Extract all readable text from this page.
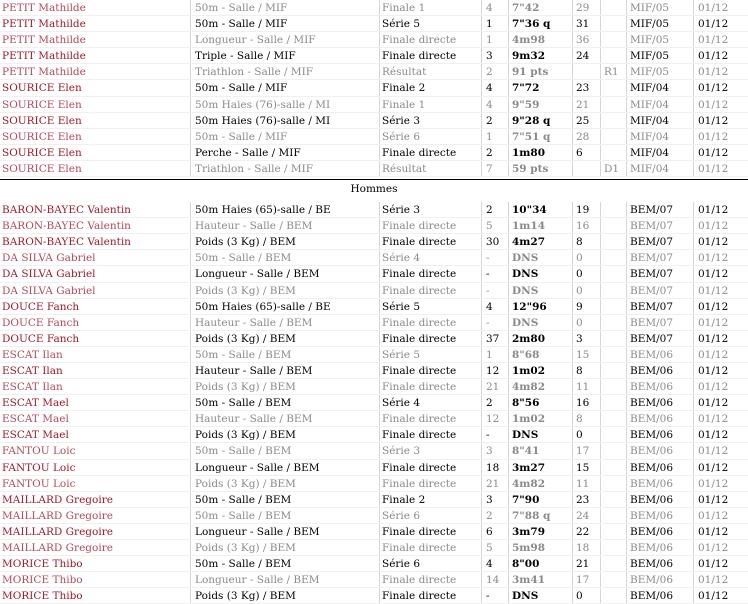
PETIT Mathilde	50m - Salle / MIF	Finale 1	4	7"42	29	MIF/05	01/12
PETIT Mathilde	50m - Salle / MIF	Série 5	1	7"36 q	31	MIF/05	01/12
PETIT Mathilde	Longueur - Salle / MIF	Finale directe	1	4m98	36	MIF/05	01/12
PETIT Mathilde	Triple - Salle / MIF	Finale directe	3	9m32	24	MIF/05	01/12
PETIT Mathilde	Triathlon - Salle / MIF	Résultat	2	91 pts	R1	MIF/05	01/12
SOURICE Elen	50m - Salle / MIF	Finale 2	4	7"72	23	MIF/04	01/12
SOURICE Elen	50m Haies (76)-salle / MI	Finale 1	4	9"59	21	MIF/04	01/12
SOURICE Elen	50m Haies (76)-salle / MI	Série 3	2	9"28 q	25	MIF/04	01/12
SOURICE Elen	50m - Salle / MIF	Série 6	1	7"51 q	28	MIF/04	01/12
SOURICE Elen	Perche - Salle / MIF	Finale directe	2	1m80	6	MIF/04	01/12
SOURICE Elen	Triathlon - Salle / MIF	Résultat	7	59 pts	D1	MIF/04	01/12
Hommes
BARON-BAYEC Valentin	50m Haies (65)-salle / BE	Série 3	2	10"34	19	BEM/07	01/12
BARON-BAYEC Valentin	Hauteur - Salle / BEM	Finale directe	5	1m14	16	BEM/07	01/12
BARON-BAYEC Valentin	Poids (3 Kg) / BEM	Finale directe	30 4m27	8	BEM/07	01/12
DA SILVA Gabriel	50m - Salle / BEM	Série 4	-	DNS	0	BEM/07	01/12
DA SILVA Gabriel	Longueur - Salle / BEM	Finale directe	-	DNS	0	BEM/07	01/12
DA SILVA Gabriel	Poids (3 Kg) / BEM	Finale directe	-	DNS	0	BEM/07	01/12
DOUCE Fanch	50m Haies (65)-salle / BE	Série 5	4	12"96	9	BEM/07	01/12
DOUCE Fanch	Hauteur - Salle / BEM	Finale directe	-	DNS	0	BEM/07	01/12
DOUCE Fanch	Poids (3 Kg) / BEM	Finale directe	37 2m80	3	BEM/07	01/12
ESCAT Ilan	50m - Salle / BEM	Série 5	1	8"68	15	BEM/06	01/12
ESCAT Ilan	Hauteur - Salle / BEM	Finale directe	12 1m02	8	BEM/06	01/12
ESCAT Ilan	Poids (3 Kg) / BEM	Finale directe	21 4m82	11	BEM/06	01/12
ESCAT Mael	50m - Salle / BEM	Série 4	2	8"56	16	BEM/06	01/12
ESCAT Mael	Hauteur - Salle / BEM	Finale directe	12 1m02	8	BEM/06	01/12
ESCAT Mael	Poids (3 Kg) / BEM	Finale directe	-	DNS	0	BEM/06	01/12
FANTOU Loic	50m - Salle / BEM	Série 3	3	8"41	17	BEM/06	01/12
FANTOU Loic	Longueur - Salle / BEM	Finale directe	18 3m27	15	BEM/06	01/12
FANTOU Loic	Poids (3 Kg) / BEM	Finale directe	21 4m82	11	BEM/06	01/12
MAILLARD Gregoire	50m - Salle / BEM	Finale 2	3	7"90	23	BEM/06	01/12
MAILLARD Gregoire	50m - Salle / BEM	Série 6	2	7"88 q	24	BEM/06	01/12
MAILLARD Gregoire	Longueur - Salle / BEM	Finale directe	6	3m79	22	BEM/06	01/12
MAILLARD Gregoire	Poids (3 Kg) / BEM	Finale directe	5	5m98	18	BEM/06	01/12
MORICE Thibo	50m - Salle / BEM	Série 6	4	8"00	21	BEM/06	01/12
MORICE Thibo	Longueur - Salle / BEM	Finale directe	14 3m41	17	BEM/06	01/12
MORICE Thibo	Poids (3 Kg) / BEM	Finale directe	-	DNS	0	BEM/06	01/12
